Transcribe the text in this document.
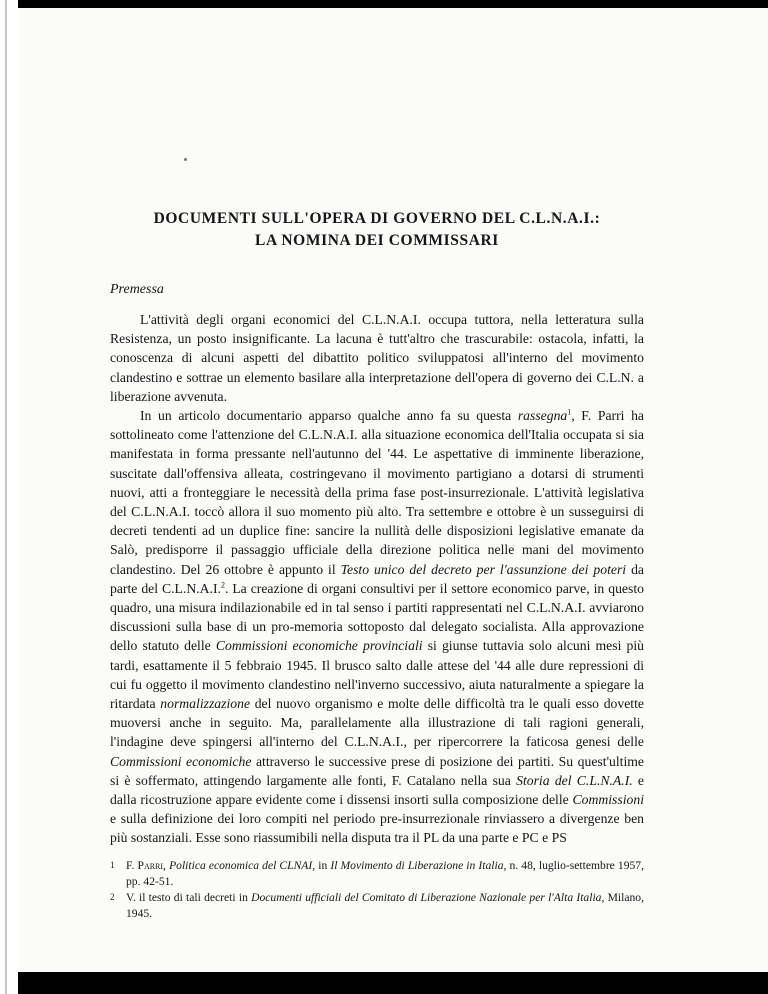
DOCUMENTI SULL'OPERA DI GOVERNO DEL C.L.N.A.I.:
LA NOMINA DEI COMMISSARI
Premessa

L'attività degli organi economici del C.L.N.A.I. occupa tuttora, nella letteratura sulla Resistenza, un posto insignificante. La lacuna è tutt'altro che trascurabile: ostacola, infatti, la conoscenza di alcuni aspetti del dibattito politico sviluppatosi all'interno del movimento clandestino e sottrae un elemento basilare alla interpretazione dell'opera di governo dei C.L.N. a liberazione avvenuta.

In un articolo documentario apparso qualche anno fa su questa rassegna$^1$, F. Parri ha sottolineato come l'attenzione del C.L.N.A.I. alla situazione economica dell'Italia occupata si sia manifestata in forma pressante nell'autunno del '44. Le aspettative di imminente liberazione, suscitate dall'offensiva alleata, costringevano il movimento partigiano a dotarsi di strumenti nuovi, atti a fronteggiare le necessità della prima fase post-insurrezionale. L'attività legislativa del C.L.N.A.I. toccò allora il suo momento più alto. Tra settembre e ottobre è un susseguirsi di decreti tendenti ad un duplice fine: sancire la nullità delle disposizioni legislative emanate da Salò, predisporre il passaggio ufficiale della direzione politica nelle mani del movimento clandestino. Del 26 ottobre è appunto il Testo unico del decreto per l'assunzione dei poteri da parte del C.L.N.A.I.$^2$. La creazione di organi consultivi per il settore economico parve, in questo quadro, una misura indilazionabile ed in tal senso i partiti rappresentati nel C.L.N.A.I. avviarono discussioni sulla base di un pro-memoria sottoposto dal delegato socialista. Alla approvazione dello statuto delle Commissioni economiche provinciali si giunse tuttavia solo alcuni mesi più tardi, esattamente il 5 febbraio 1945. Il brusco salto dalle attese del '44 alle dure repressioni di cui fu oggetto il movimento clandestino nell'inverno successivo, aiuta naturalmente a spiegare la ritardata normalizzazione del nuovo organismo e molte delle difficoltà tra le quali esso dovette muoversi anche in seguito. Ma, parallelamente alla illustrazione di tali ragioni generali, l'indagine deve spingersi all'interno del C.L.N.A.I., per ripercorrere la faticosa genesi delle Commissioni economiche attraverso le successive prese di posizione dei partiti. Su quest'ultime si è soffermato, attingendo largamente alle fonti, F. Catalano nella sua Storia del C.L.N.A.I. e dalla ricostruzione appare evidente come i dissensi insorti sulla composizione delle Commissioni e sulla definizione dei loro compiti nel periodo pre-insurrezionale rinviassero a divergenze ben più sostanziali. Esse sono riassumibili nella disputa tra il PL da una parte e PC e PS

1 F. Parri, Politica economica del CLNAI, in Il Movimento di Liberazione in Italia, n. 48, luglio-settembre 1957, pp. 42-51.
2 V. il testo di tali decreti in Documenti ufficiali del Comitato di Liberazione Nazionale per l'Alta Italia, Milano, 1945.
